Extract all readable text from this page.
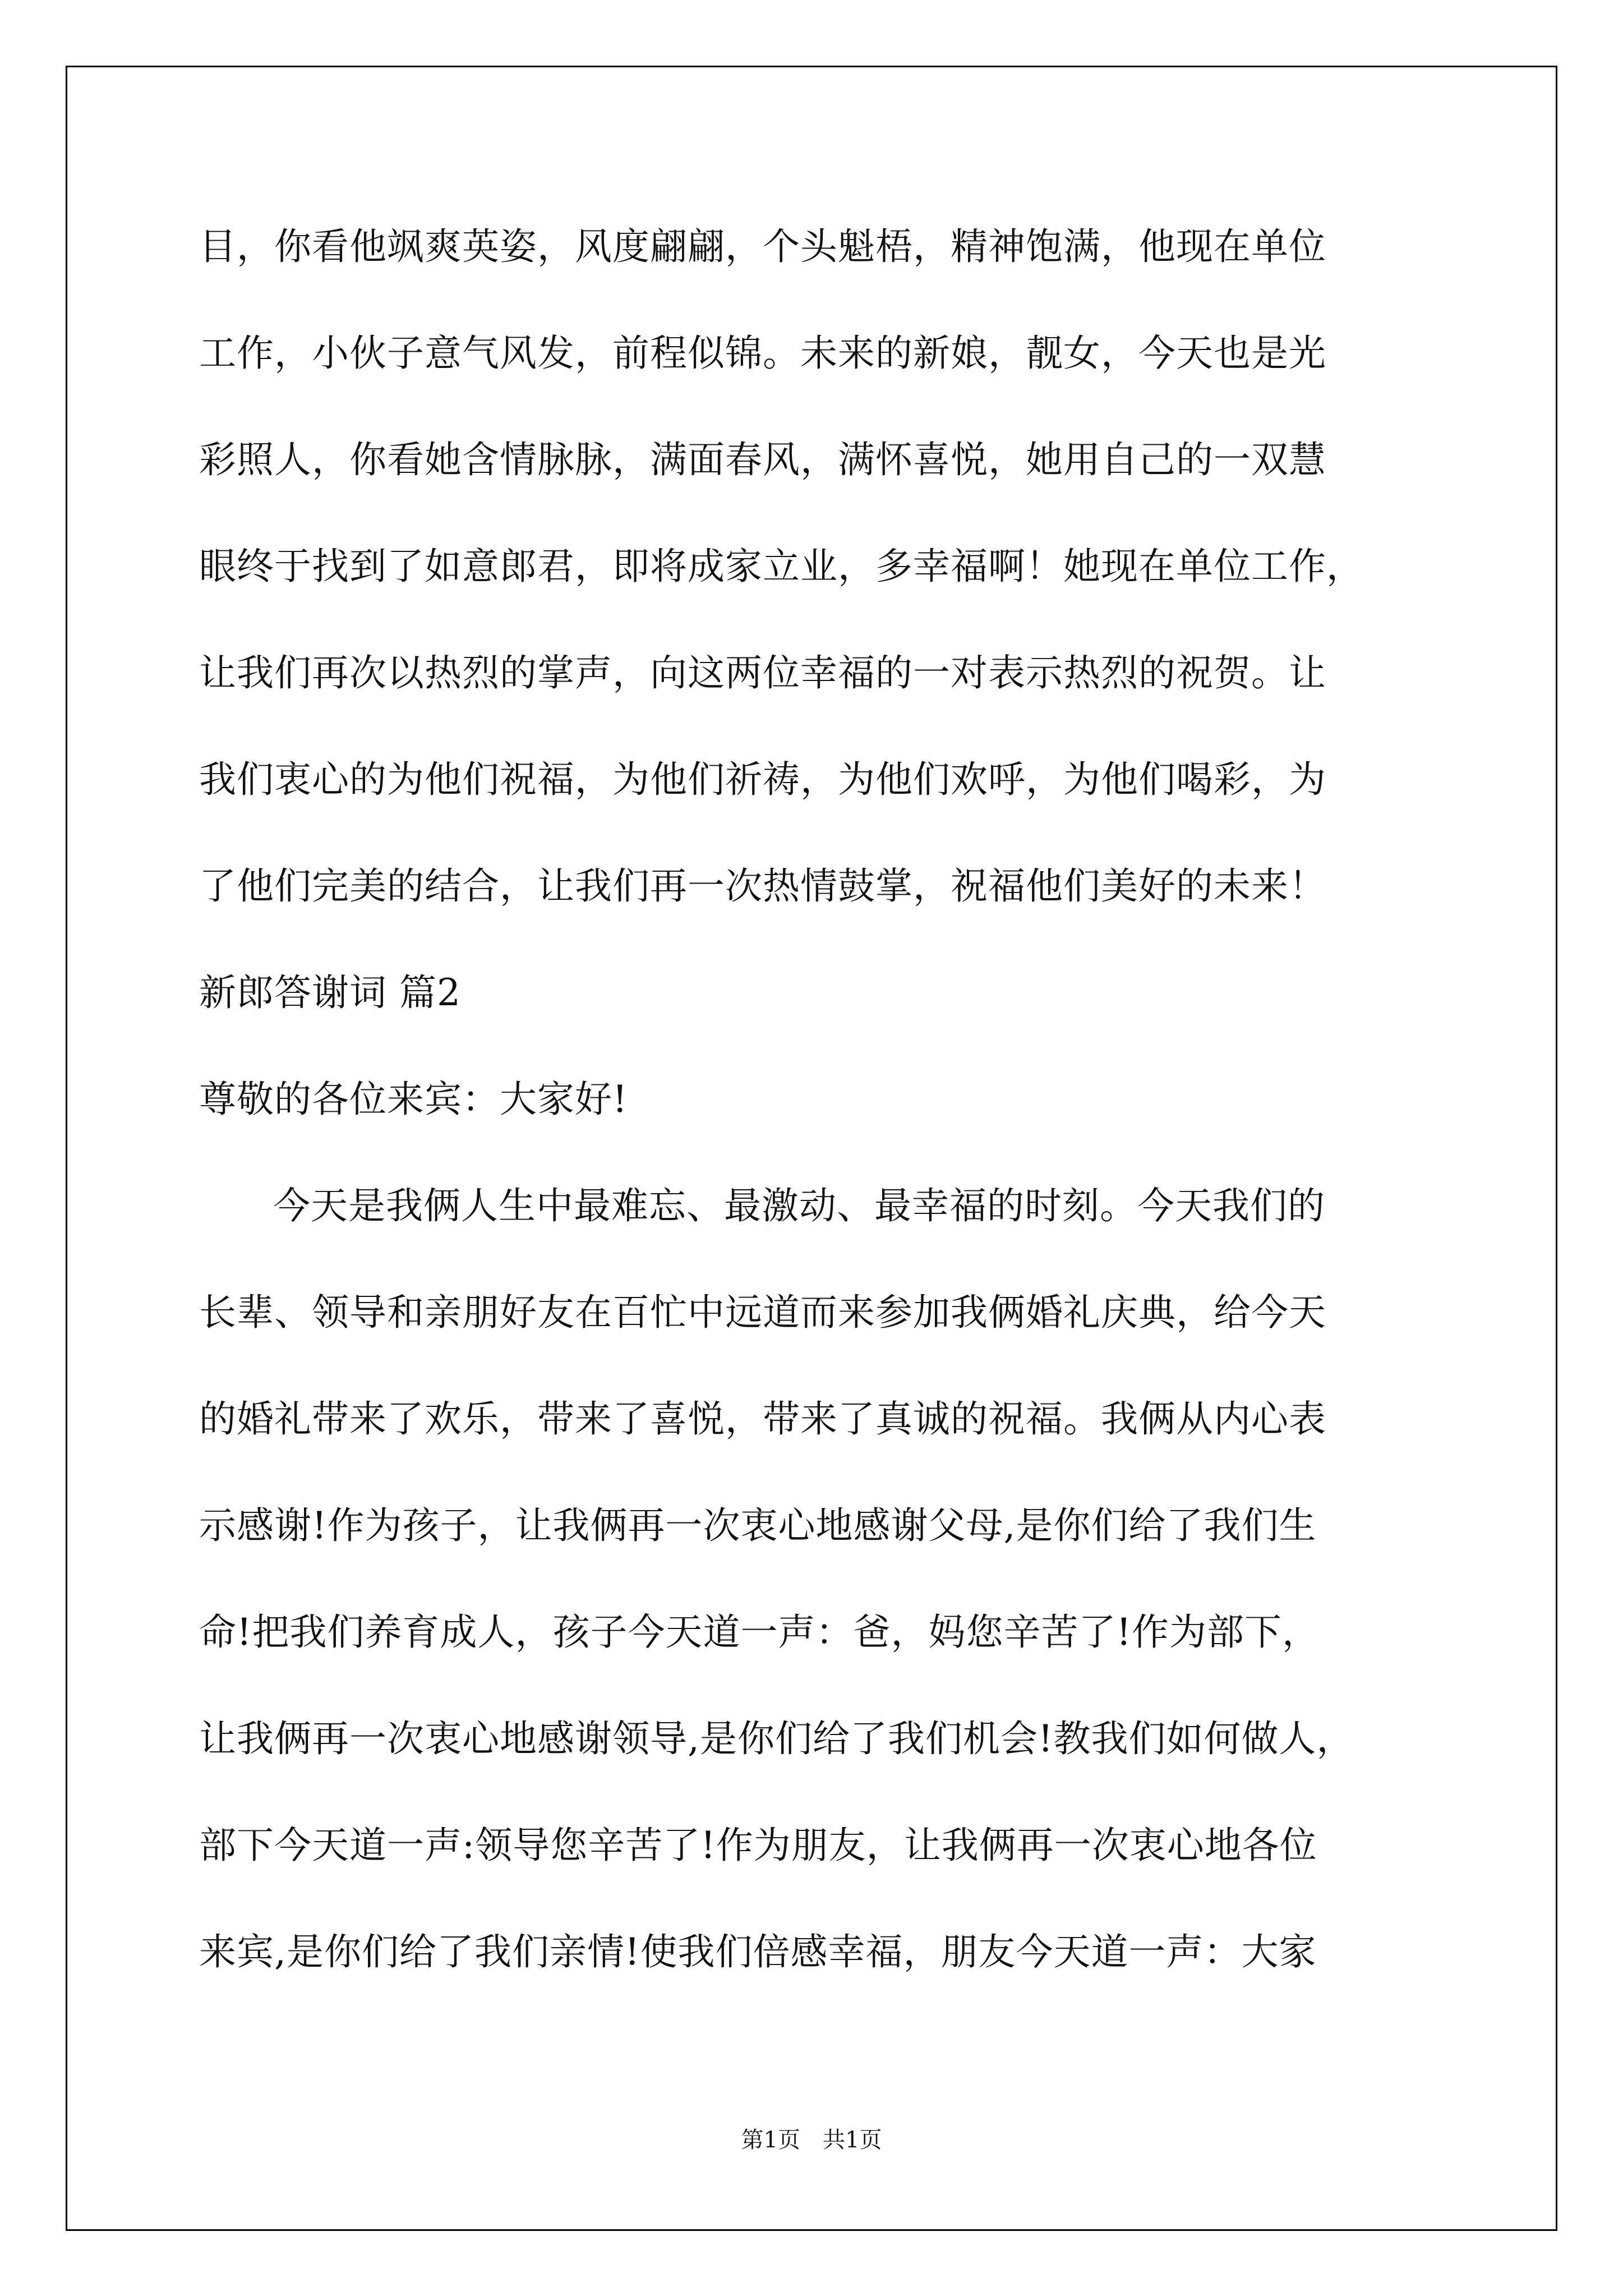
目，你看他飒爽英姿，风度翩翩，个头魁梧，精神饱满，他现在单位
工作，小伙子意气风发，前程似锦。未来的新娘，靓女，今天也是光
彩照人，你看她含情脉脉，满面春风，满怀喜悦，她用自己的一双慧
眼终于找到了如意郎君，即将成家立业，多幸福啊！她现在单位工作，
让我们再次以热烈的掌声，向这两位幸福的一对表示热烈的祝贺。让
我们衷心的为他们祝福，为他们祈祷，为他们欢呼，为他们喝彩，为
了他们完美的结合，让我们再一次热情鼓掌，祝福他们美好的未来！
新郎答谢词 篇2
尊敬的各位来宾：大家好!
今天是我俩人生中最难忘、最激动、最幸福的时刻。今天我们的
长辈、领导和亲朋好友在百忙中远道而来参加我俩婚礼庆典，给今天
的婚礼带来了欢乐，带来了喜悦，带来了真诚的祝福。我俩从内心表
示感谢!作为孩子，让我俩再一次衷心地感谢父母,是你们给了我们生
命!把我们养育成人，孩子今天道一声：爸，妈您辛苦了!作为部下，
让我俩再一次衷心地感谢领导,是你们给了我们机会!教我们如何做人，
部下今天道一声:领导您辛苦了!作为朋友，让我俩再一次衷心地各位
来宾,是你们给了我们亲情!使我们倍感幸福，朋友今天道一声：大家
第1页 共1页
